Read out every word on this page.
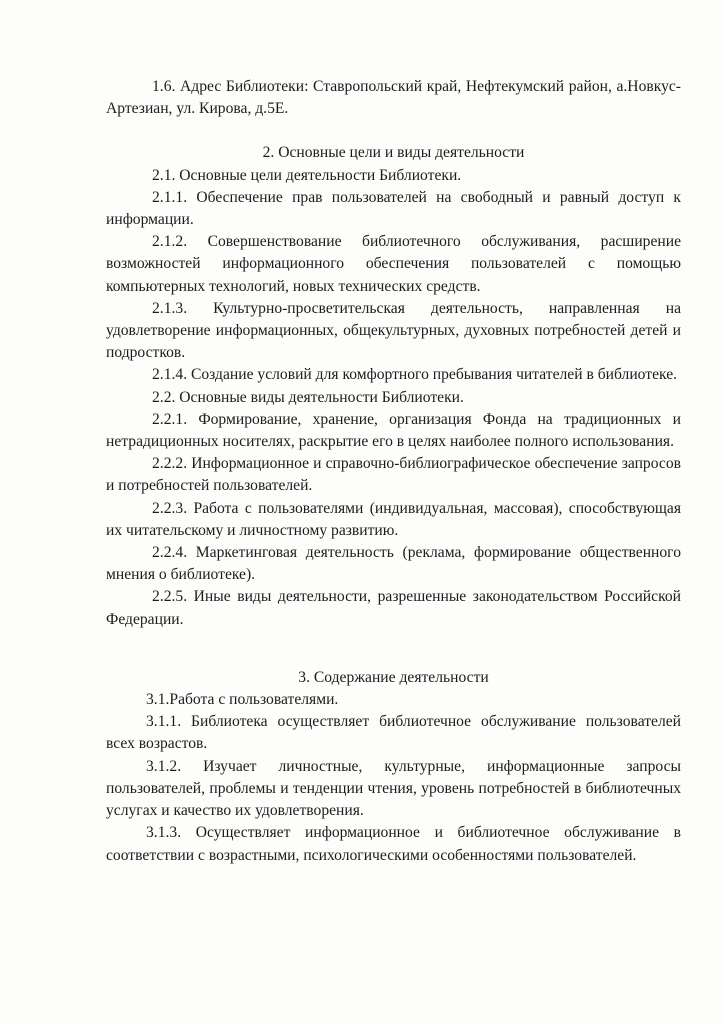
1.6. Адрес Библиотеки: Ставропольский край, Нефтекумский район, а.Новкус-Артезиан, ул. Кирова, д.5Е.

2. Основные цели и виды деятельности

2.1. Основные цели деятельности Библиотеки.

2.1.1. Обеспечение прав пользователей на свободный и равный доступ к информации.

2.1.2. Совершенствование библиотечного обслуживания, расширение возможностей информационного обеспечения пользователей с помощью компьютерных технологий, новых технических средств.

2.1.3. Культурно-просветительская деятельность, направленная на удовлетворение информационных, общекультурных, духовных потребностей детей и подростков.

2.1.4. Создание условий для комфортного пребывания читателей в библиотеке.

2.2. Основные виды деятельности Библиотеки.

2.2.1. Формирование, хранение, организация Фонда на традиционных и нетрадиционных носителях, раскрытие его в целях наиболее полного использования.

2.2.2. Информационное и справочно-библиографическое обеспечение запросов и потребностей пользователей.

2.2.3. Работа с пользователями (индивидуальная, массовая), способствующая их читательскому и личностному развитию.

2.2.4. Маркетинговая деятельность (реклама, формирование общественного мнения о библиотеке).

2.2.5. Иные виды деятельности, разрешенные законодательством Российской Федерации.

3. Содержание деятельности

3.1.Работа с пользователями.

3.1.1. Библиотека осуществляет библиотечное обслуживание пользователей всех возрастов.

3.1.2. Изучает личностные, культурные, информационные запросы пользователей, проблемы и тенденции чтения, уровень потребностей в библиотечных услугах и качество их удовлетворения.

3.1.3. Осуществляет информационное и библиотечное обслуживание в соответствии с возрастными, психологическими особенностями пользователей.
